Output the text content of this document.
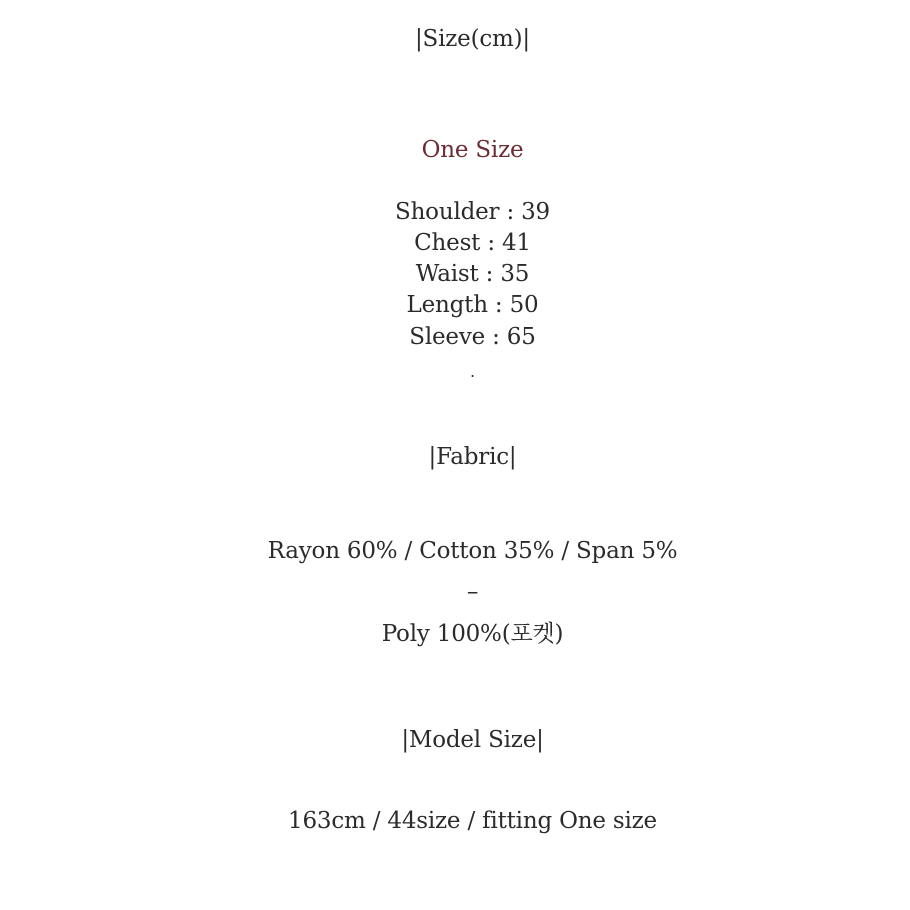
|Size(cm)|
One Size
Shoulder : 39
Chest : 41
Waist : 35
Length : 50
Sleeve : 65
.
|Fabric|
Rayon 60% / Cotton 35% / Span 5%
–
Poly 100%(포켓)
|Model Size|
163cm / 44size / fitting One size
